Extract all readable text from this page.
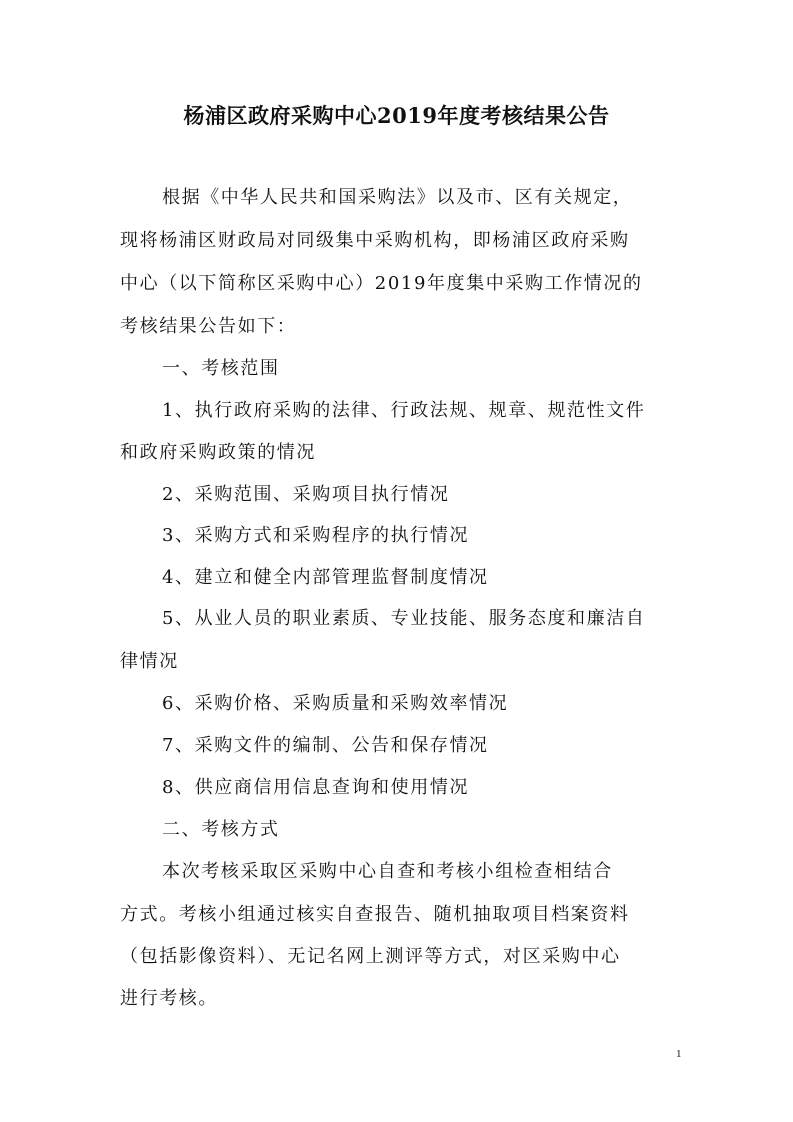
杨浦区政府采购中心2019年度考核结果公告
根据《中华人民共和国采购法》以及市、区有关规定，
现将杨浦区财政局对同级集中采购机构，即杨浦区政府采购
中心（以下简称区采购中心）2019年度集中采购工作情况的
考核结果公告如下：
一、考核范围
1、执行政府采购的法律、行政法规、规章、规范性文件
和政府采购政策的情况
2、采购范围、采购项目执行情况
3、采购方式和采购程序的执行情况
4、建立和健全内部管理监督制度情况
5、从业人员的职业素质、专业技能、服务态度和廉洁自
律情况
6、采购价格、采购质量和采购效率情况
7、采购文件的编制、公告和保存情况
8、供应商信用信息查询和使用情况
二、考核方式
本次考核采取区采购中心自查和考核小组检查相结合
方式。考核小组通过核实自查报告、随机抽取项目档案资料
（包括影像资料）、无记名网上测评等方式，对区采购中心
进行考核。
1
